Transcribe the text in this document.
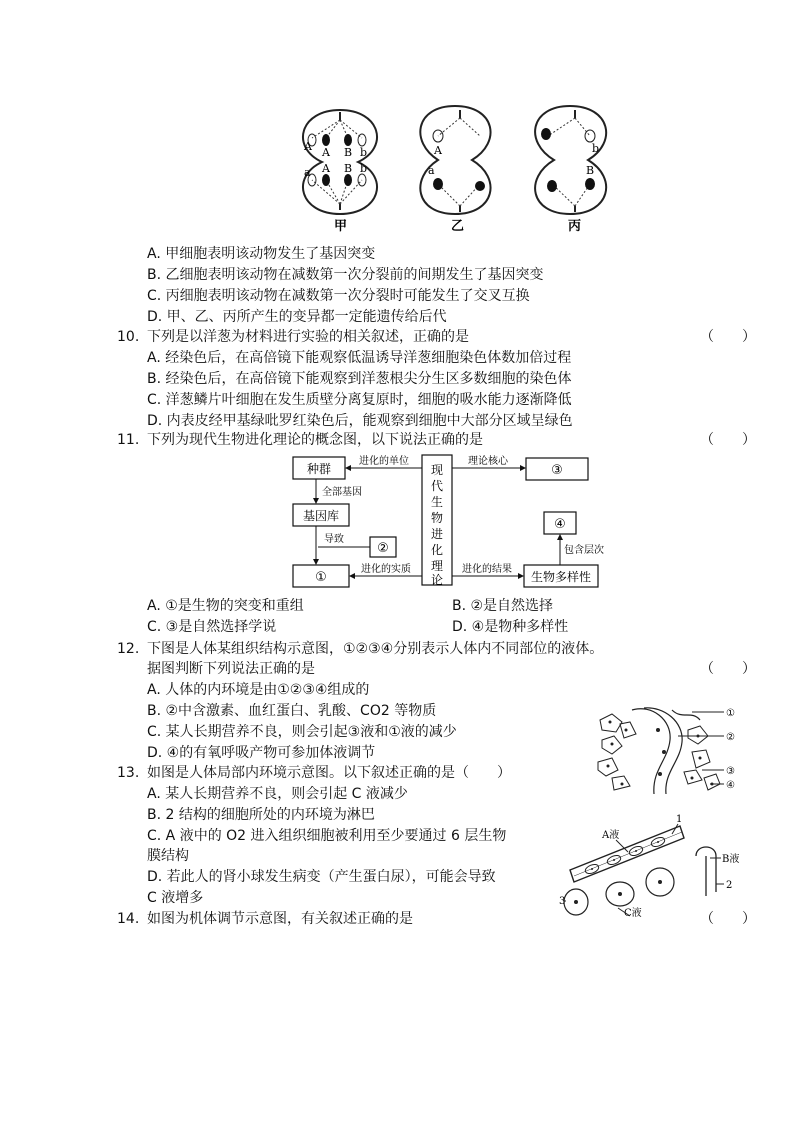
A A B b
a A B b
甲
A
a
乙
b
B
丙
A. 甲细胞表明该动物发生了基因突变
B. 乙细胞表明该动物在减数第一次分裂前的间期发生了基因突变
C. 丙细胞表明该动物在减数第一次分裂时可能发生了交叉互换
D. 甲、乙、丙所产生的变异都一定能遗传给后代
10. 下列是以洋葱为材料进行实验的相关叙述，正确的是	（　　）
A. 经染色后，在高倍镜下能观察低温诱导洋葱细胞染色体数加倍过程
B. 经染色后，在高倍镜下能观察到洋葱根尖分生区多数细胞的染色体
C. 洋葱鳞片叶细胞在发生质壁分离复原时，细胞的吸水能力逐渐降低
D. 内表皮经甲基绿吡罗红染色后，能观察到细胞中大部分区域呈绿色
11. 下列为现代生物进化理论的概念图，以下说法正确的是	（　　）
现
代
生
物
进
化
理
论
种群
基因库
①
②
③
④
生物多样性
进化的单位
全部基因
导致
进化的实质
理论核心
进化的结果
包含层次
A. ①是生物的突变和重组	B. ②是自然选择
C. ③是自然选择学说	D. ④是物种多样性
12. 下图是人体某组织结构示意图，①②③④分别表示人体内不同部位的液体。
据图判断下列说法正确的是	（　　）
A. 人体的内环境是由①②③④组成的
B. ②中含激素、血红蛋白、乳酸、CO2 等物质
C. 某人长期营养不良，则会引起③液和①液的减少
D. ④的有氧呼吸产物可参加体液调节
①
②
③
④
13. 如图是人体局部内环境示意图。以下叙述正确的是（　　）
A. 某人长期营养不良，则会引起 C 液减少
B. 2 结构的细胞所处的内环境为淋巴
C. A 液中的 O2 进入组织细胞被利用至少要通过 6 层生物
膜结构
D. 若此人的肾小球发生病变（产生蛋白尿），可能会导致
C 液增多
A液
1
B液
2
3
C液
14. 如图为机体调节示意图，有关叙述正确的是	（　　）
